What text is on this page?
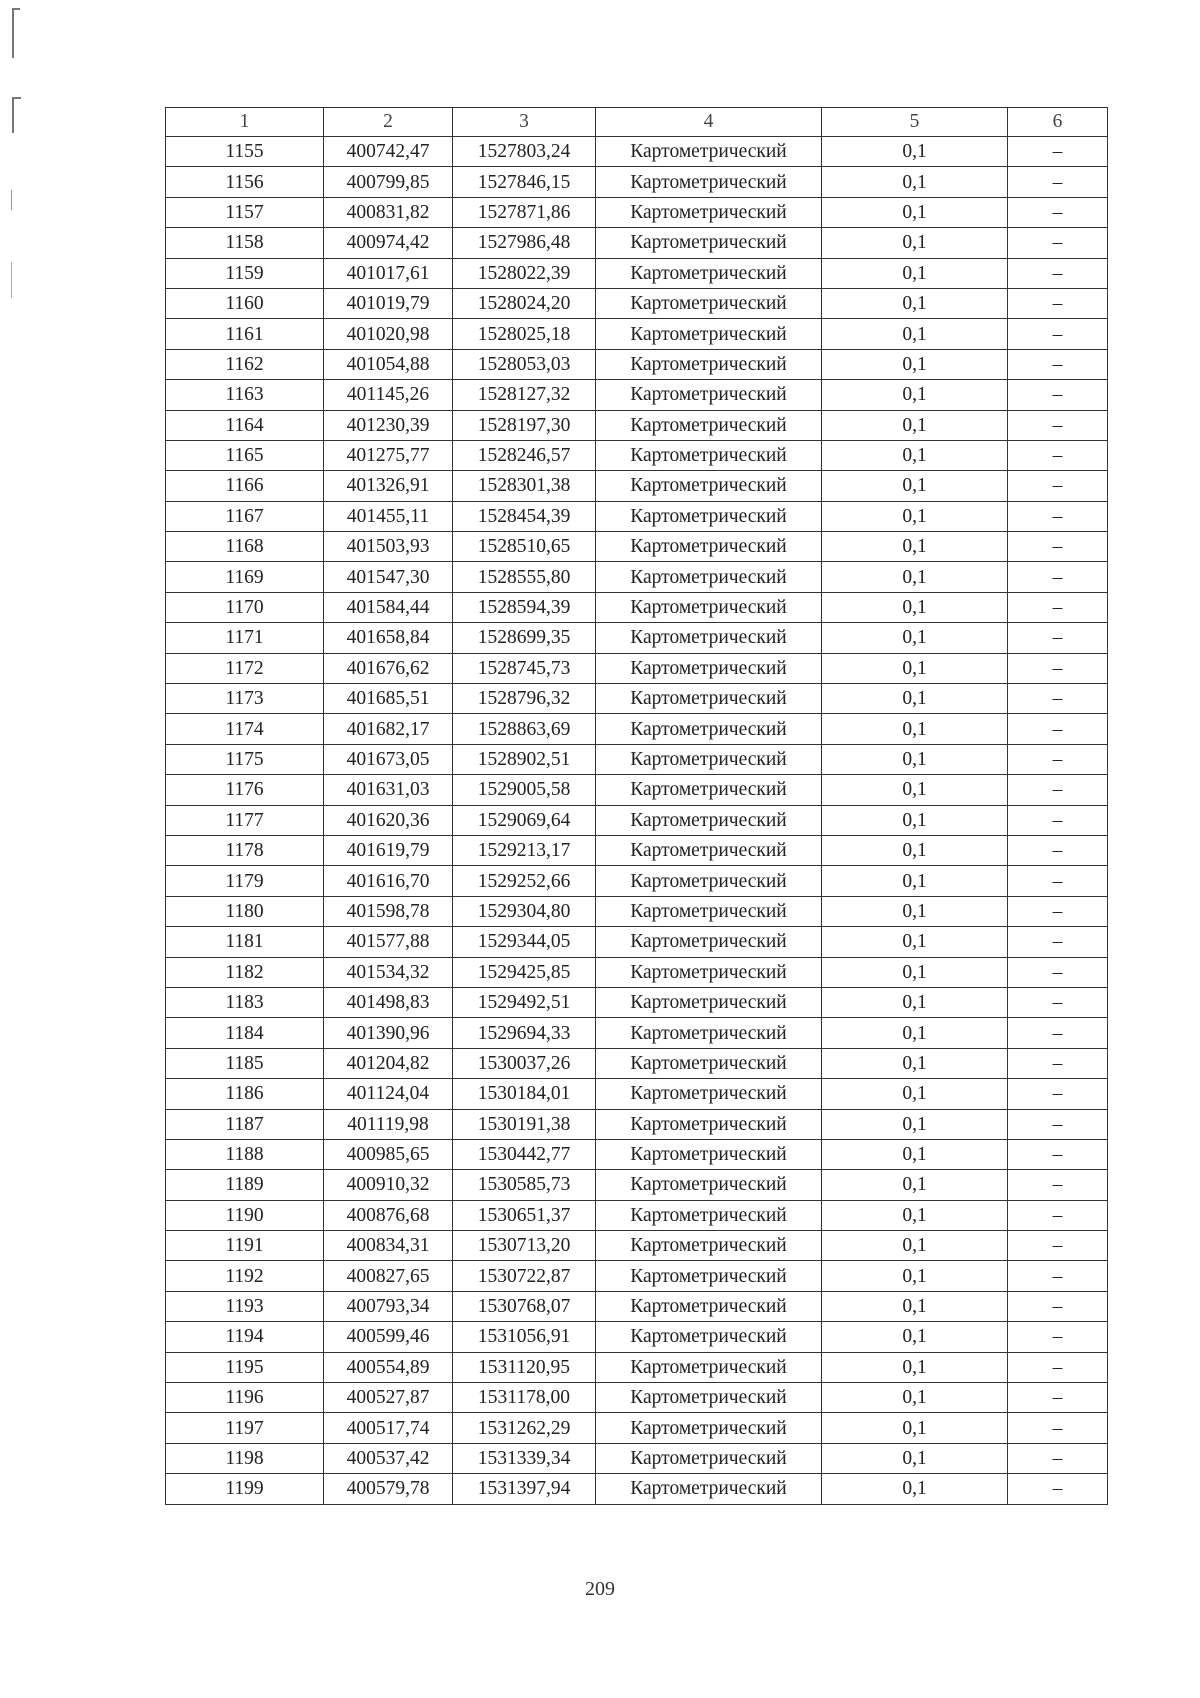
1	2	3	4	5	6
1155	400742,47	1527803,24	Картометрический	0,1	–
1156	400799,85	1527846,15	Картометрический	0,1	–
1157	400831,82	1527871,86	Картометрический	0,1	–
1158	400974,42	1527986,48	Картометрический	0,1	–
1159	401017,61	1528022,39	Картометрический	0,1	–
1160	401019,79	1528024,20	Картометрический	0,1	–
1161	401020,98	1528025,18	Картометрический	0,1	–
1162	401054,88	1528053,03	Картометрический	0,1	–
1163	401145,26	1528127,32	Картометрический	0,1	–
1164	401230,39	1528197,30	Картометрический	0,1	–
1165	401275,77	1528246,57	Картометрический	0,1	–
1166	401326,91	1528301,38	Картометрический	0,1	–
1167	401455,11	1528454,39	Картометрический	0,1	–
1168	401503,93	1528510,65	Картометрический	0,1	–
1169	401547,30	1528555,80	Картометрический	0,1	–
1170	401584,44	1528594,39	Картометрический	0,1	–
1171	401658,84	1528699,35	Картометрический	0,1	–
1172	401676,62	1528745,73	Картометрический	0,1	–
1173	401685,51	1528796,32	Картометрический	0,1	–
1174	401682,17	1528863,69	Картометрический	0,1	–
1175	401673,05	1528902,51	Картометрический	0,1	–
1176	401631,03	1529005,58	Картометрический	0,1	–
1177	401620,36	1529069,64	Картометрический	0,1	–
1178	401619,79	1529213,17	Картометрический	0,1	–
1179	401616,70	1529252,66	Картометрический	0,1	–
1180	401598,78	1529304,80	Картометрический	0,1	–
1181	401577,88	1529344,05	Картометрический	0,1	–
1182	401534,32	1529425,85	Картометрический	0,1	–
1183	401498,83	1529492,51	Картометрический	0,1	–
1184	401390,96	1529694,33	Картометрический	0,1	–
1185	401204,82	1530037,26	Картометрический	0,1	–
1186	401124,04	1530184,01	Картометрический	0,1	–
1187	401119,98	1530191,38	Картометрический	0,1	–
1188	400985,65	1530442,77	Картометрический	0,1	–
1189	400910,32	1530585,73	Картометрический	0,1	–
1190	400876,68	1530651,37	Картометрический	0,1	–
1191	400834,31	1530713,20	Картометрический	0,1	–
1192	400827,65	1530722,87	Картометрический	0,1	–
1193	400793,34	1530768,07	Картометрический	0,1	–
1194	400599,46	1531056,91	Картометрический	0,1	–
1195	400554,89	1531120,95	Картометрический	0,1	–
1196	400527,87	1531178,00	Картометрический	0,1	–
1197	400517,74	1531262,29	Картометрический	0,1	–
1198	400537,42	1531339,34	Картометрический	0,1	–
1199	400579,78	1531397,94	Картометрический	0,1	–
209
